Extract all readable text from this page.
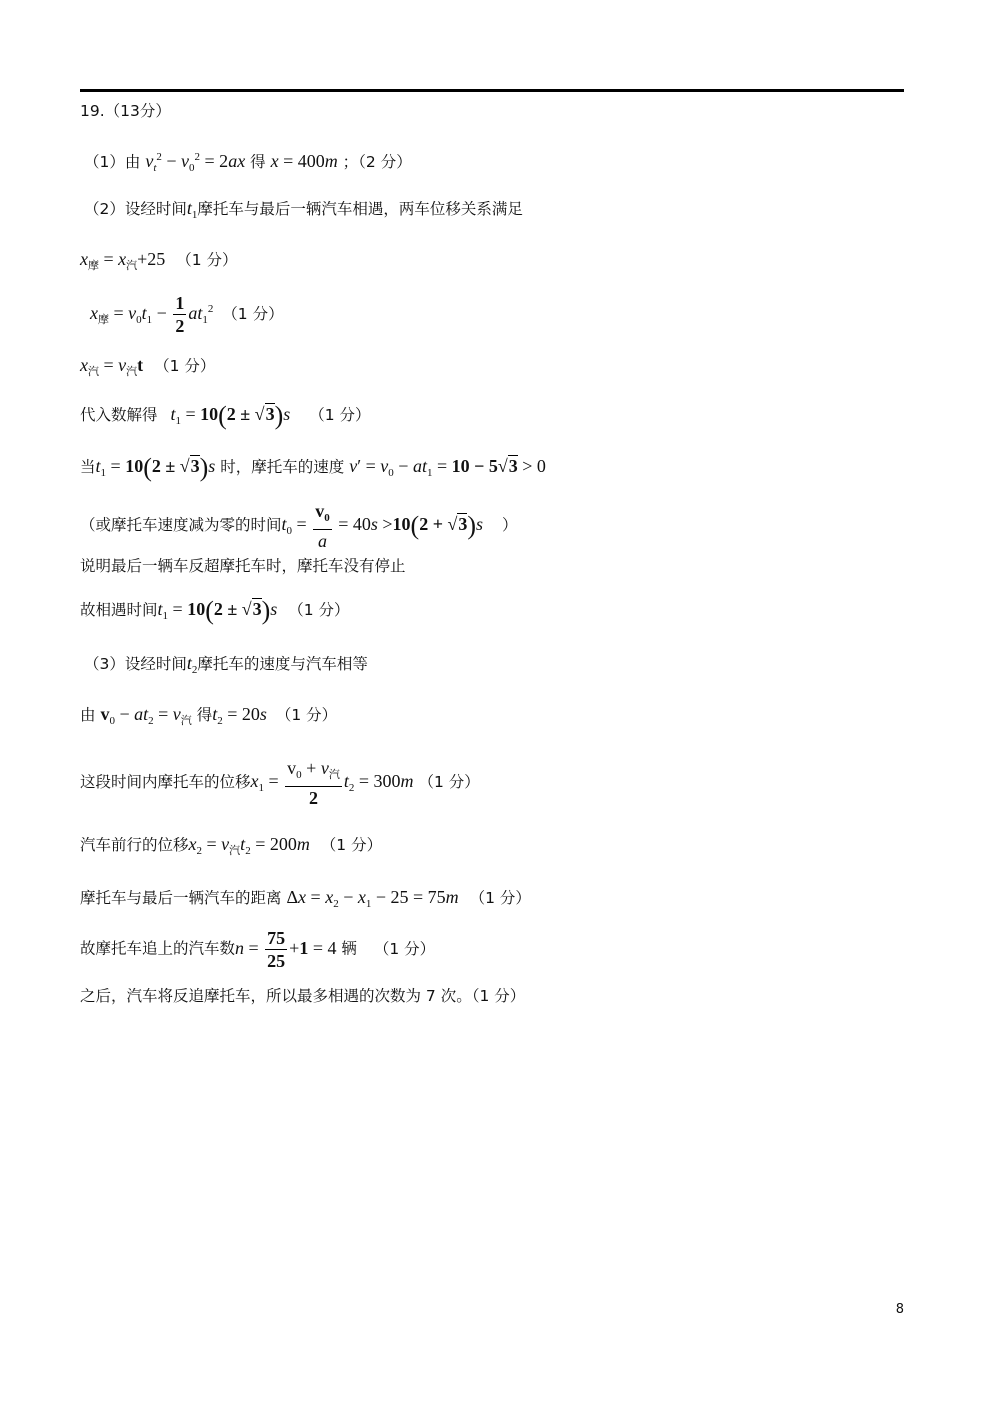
19.（13分）
（1）由 $v_t^2 - v_0^2 = 2ax$ 得 x = 400m ；（2 分）
（2）设经时间$t_1$摩托车与最后一辆汽车相遇，两车位移关系满足
$x_摩 = x_汽+25$ （1 分）
$x_摩 = v_0t_1 - \frac{1}{2} at_1^2$ （1 分）
$x_汽 = v_汽t$ （1 分）
代入数解得 $t_1 = 10(2 \pm √3)s$ （1 分）
当$t_1 = 10(2 \pm √3)s$ 时，摩托车的速度 $v' = v_0 - at_1 = 10 - 5√3 > 0$
（或摩托车速度减为零的时间$t_0 = \frac{v_0}{a} = 40s >10(2 + √3)s$ ）
说明最后一辆车反超摩托车时，摩托车没有停止
故相遇时间$t_1 = 10(2 \pm √3)s$ （1 分）
（3）设经时间$t_2$摩托车的速度与汽车相等
由 $v_0 - at_2 = v_汽$ 得$t_2 = 20s$ （1 分）
这段时间内摩托车的位移$x_1 = \frac{v_0 + v_汽}{2} t_2 = 300m$ （1 分）
汽车前行的位移$x_2 = v_汽t_2 = 200m$ （1 分）
摩托车与最后一辆汽车的距离 $\Delta x = x_2 - x_1 - 25 = 75m$ （1 分）
故摩托车追上的汽车数$n = \frac{75}{25} +1 = 4$ 辆 （1 分）
之后，汽车将反追摩托车，所以最多相遇的次数为 7 次。（1 分）
8
